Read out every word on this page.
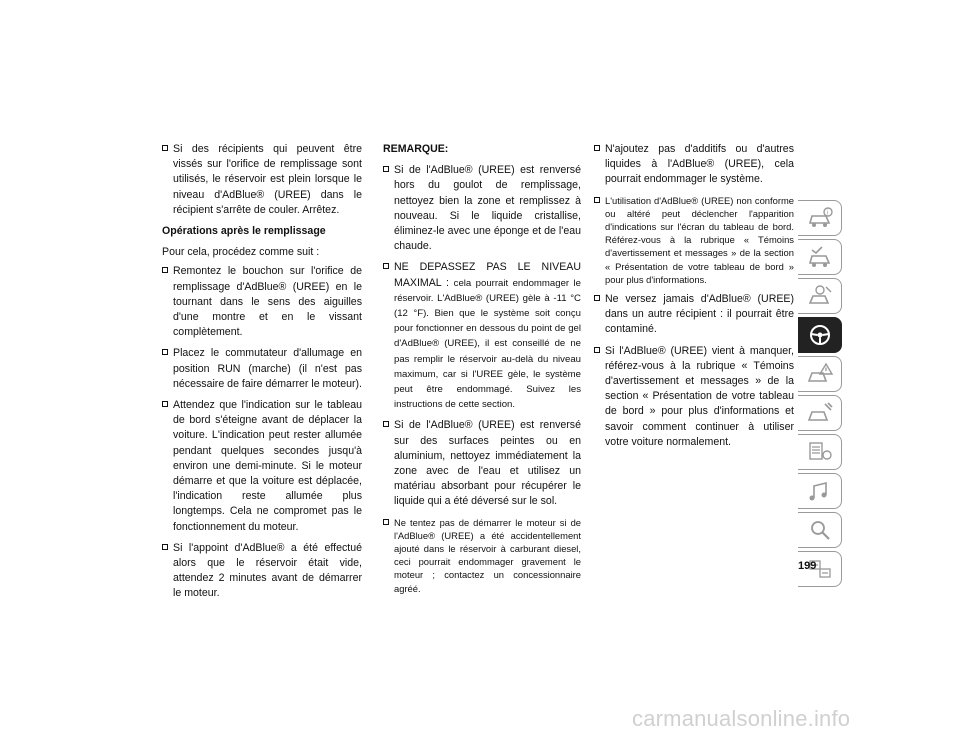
Si des récipients qui peuvent être vissés sur l'orifice de remplissage sont utilisés, le réservoir est plein lorsque le niveau d'AdBlue® (UREE) dans le récipient s'arrête de couler. Arrêtez.
Opérations après le remplissage
Pour cela, procédez comme suit :
Remontez le bouchon sur l'orifice de remplissage d'AdBlue® (UREE) en le tournant dans le sens des aiguilles d'une montre et en le vissant complètement.
Placez le commutateur d'allumage en position RUN (marche) (il n'est pas nécessaire de faire démarrer le moteur).
Attendez que l'indication sur le tableau de bord s'éteigne avant de déplacer la voiture. L'indication peut rester allumée pendant quelques secondes jusqu'à environ une demi-minute. Si le moteur démarre et que la voiture est déplacée, l'indication reste allumée plus longtemps. Cela ne compromet pas le fonctionnement du moteur.
Si l'appoint d'AdBlue® a été effectué alors que le réservoir était vide, attendez 2 minutes avant de démarrer le moteur.
REMARQUE:
Si de l'AdBlue® (UREE) est renversé hors du goulot de remplissage, nettoyez bien la zone et remplissez à nouveau. Si le liquide cristallise, éliminez-le avec une éponge et de l'eau chaude.
NE DEPASSEZ PAS LE NIVEAU MAXIMAL : cela pourrait endommager le réservoir. L'AdBlue® (UREE) gèle à -11 °C (12 °F). Bien que le système soit conçu pour fonctionner en dessous du point de gel d'AdBlue® (UREE), il est conseillé de ne pas remplir le réservoir au-delà du niveau maximum, car si l'UREE gèle, le système peut être endommagé. Suivez les instructions de cette section.
Si de l'AdBlue® (UREE) est renversé sur des surfaces peintes ou en aluminium, nettoyez immédiatement la zone avec de l'eau et utilisez un matériau absorbant pour récupérer le liquide qui a été déversé sur le sol.
Ne tentez pas de démarrer le moteur si de l'AdBlue® (UREE) a été accidentellement ajouté dans le réservoir à carburant diesel, ceci pourrait endommager gravement le moteur ; contactez un concessionnaire agréé.
N'ajoutez pas d'additifs ou d'autres liquides à l'AdBlue® (UREE), cela pourrait endommager le système.
L'utilisation d'AdBlue® (UREE) non conforme ou altéré peut déclencher l'apparition d'indications sur l'écran du tableau de bord. Référez-vous à la rubrique « Témoins d'avertissement et messages » de la section « Présentation de votre tableau de bord » pour plus d'informations.
Ne versez jamais d'AdBlue® (UREE) dans un autre récipient : il pourrait être contaminé.
Si l'AdBlue® (UREE) vient à manquer, référez-vous à la rubrique « Témoins d'avertissement et messages » de la section « Présentation de votre tableau de bord » pour plus d'informations et savoir comment continuer à utiliser votre voiture normalement.
i
199
carmanualsonline.info
